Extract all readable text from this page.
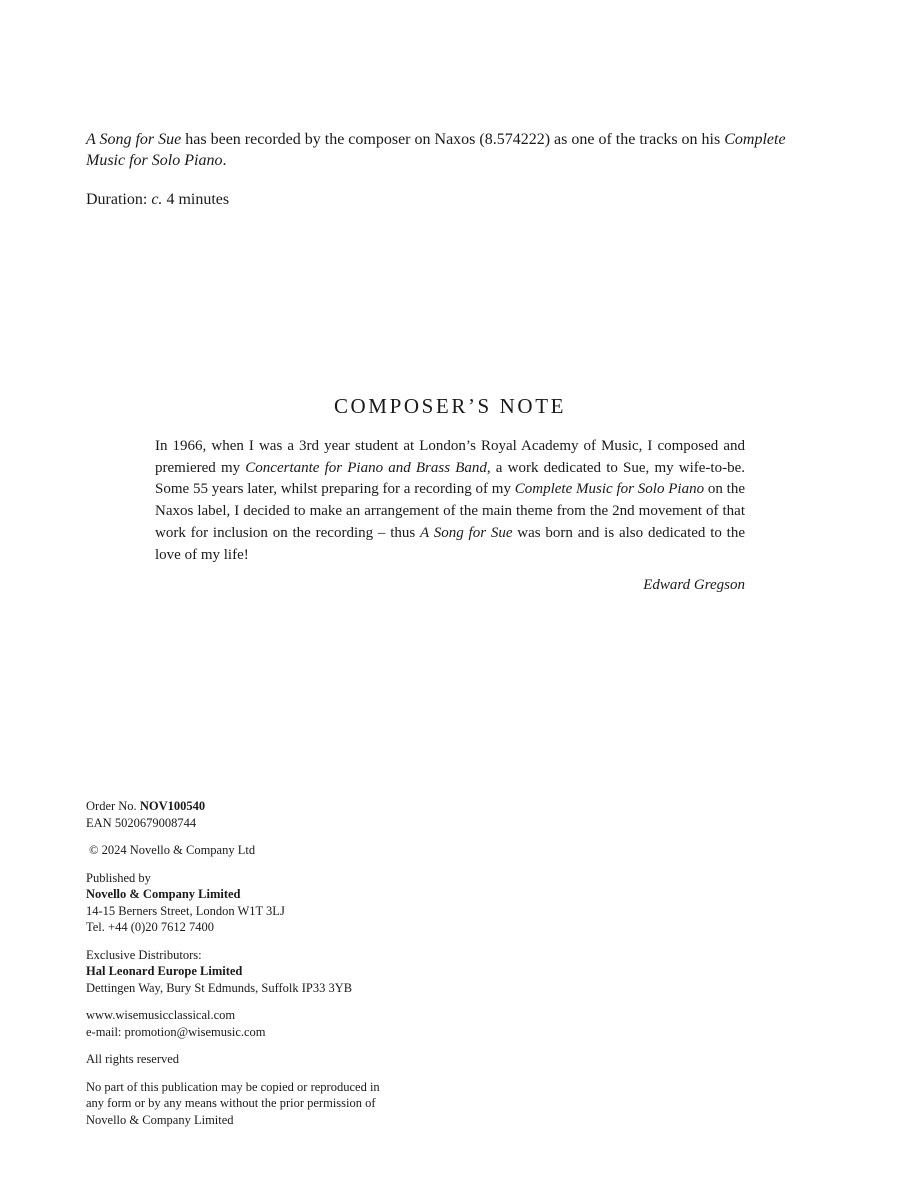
A Song for Sue has been recorded by the composer on Naxos (8.574222) as one of the tracks on his Complete Music for Solo Piano.

Duration: c. 4 minutes

COMPOSER’S NOTE

In 1966, when I was a 3rd year student at London’s Royal Academy of Music, I composed and premiered my Concertante for Piano and Brass Band, a work dedicated to Sue, my wife-to-be. Some 55 years later, whilst preparing for a recording of my Complete Music for Solo Piano on the Naxos label, I decided to make an arrangement of the main theme from the 2nd movement of that work for inclusion on the recording – thus A Song for Sue was born and is also dedicated to the love of my life!

Edward Gregson

Order No. NOV100540

EAN 5020679008744

© 2024 Novello & Company Ltd

Published by

Novello & Company Limited

14-15 Berners Street, London W1T 3LJ

Tel. +44 (0)20 7612 7400

Exclusive Distributors:

Hal Leonard Europe Limited

Dettingen Way, Bury St Edmunds, Suffolk IP33 3YB

www.wisemusicclassical.com

e-mail: promotion@wisemusic.com

All rights reserved

No part of this publication may be copied or reproduced in

any form or by any means without the prior permission of

Novello & Company Limited
